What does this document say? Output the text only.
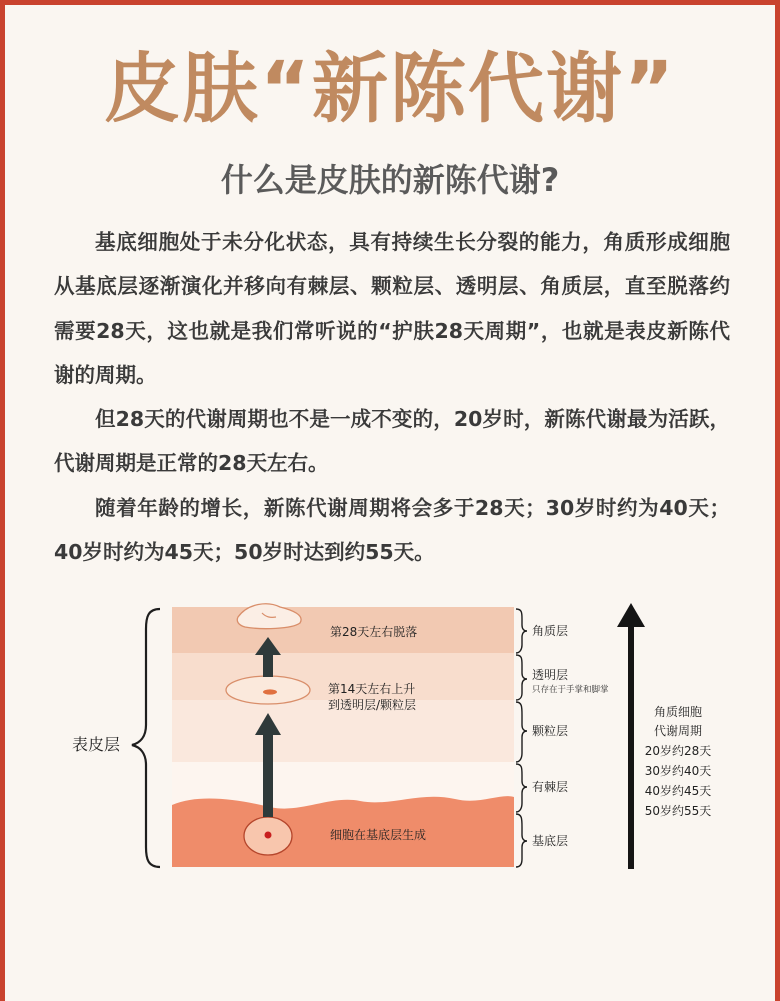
皮肤“新陈代谢”
什么是皮肤的新陈代谢?

基底细胞处于未分化状态，具有持续生长分裂的能力，角质形成细胞从基底层逐渐演化并移向有棘层、颗粒层、透明层、角质层，直至脱落约需要28天，这也就是我们常听说的“护肤28天周期”，也就是表皮新陈代谢的周期。

但28天的代谢周期也不是一成不变的，20岁时，新陈代谢最为活跃，代谢周期是正常的28天左右。

随着年龄的增长，新陈代谢周期将会多于28天；30岁时约为40天；40岁时约为45天；50岁时达到约55天。

第28天左右脱落
第14天左右上升
到透明层/颗粒层
细胞在基底层生成
表皮层
角质层
透明层
只存在于手掌和脚掌
颗粒层
有棘层
基底层
角质细胞
代谢周期
20岁约28天
30岁约40天
40岁约45天
50岁约55天
